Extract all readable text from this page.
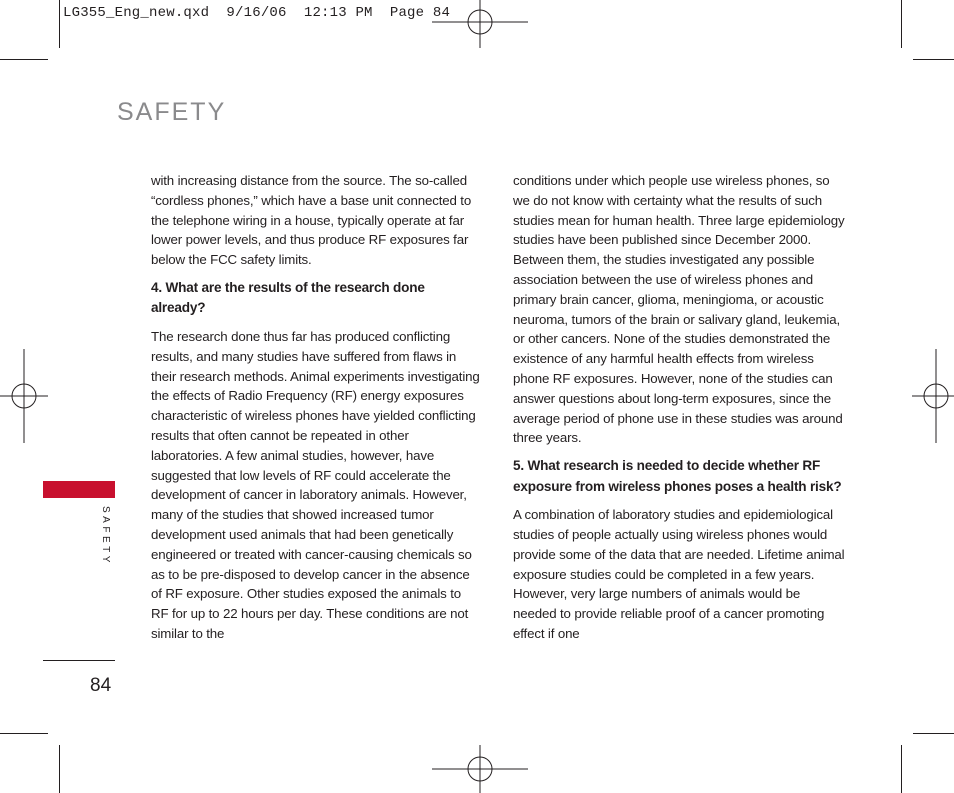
LG355_Eng_new.qxd  9/16/06  12:13 PM  Page 84
SAFETY

with increasing distance from the source. The so-called “cordless phones,” which have a base unit connected to the telephone wiring in a house, typically operate at far lower power levels, and thus produce RF exposures far below the FCC safety limits.

4. What are the results of the research done already?

The research done thus far has produced conflicting results, and many studies have suffered from flaws in their research methods. Animal experiments investigating the effects of Radio Frequency (RF) energy exposures characteristic of wireless phones have yielded conflicting results that often cannot be repeated in other laboratories. A few animal studies, however, have suggested that low levels of RF could accelerate the development of cancer in laboratory animals. However, many of the studies that showed increased tumor development used animals that had been genetically engineered or treated with cancer-causing chemicals so as to be pre-disposed to develop cancer in the absence of RF exposure. Other studies exposed the animals to RF for up to 22 hours per day. These conditions are not similar to the

conditions under which people use wireless phones, so we do not know with certainty what the results of such studies mean for human health. Three large epidemiology studies have been published since December 2000. Between them, the studies investigated any possible association between the use of wireless phones and primary brain cancer, glioma, meningioma, or acoustic neuroma, tumors of the brain or salivary gland, leukemia, or other cancers. None of the studies demonstrated the existence of any harmful health effects from wireless phone RF exposures. However, none of the studies can answer questions about long-term exposures, since the average period of phone use in these studies was around three years.

5. What research is needed to decide whether RF exposure from wireless phones poses a health risk?

A combination of laboratory studies and epidemiological studies of people actually using wireless phones would provide some of the data that are needed. Lifetime animal exposure studies could be completed in a few years. However, very large numbers of animals would be needed to provide reliable proof of a cancer promoting effect if one

SAFETY
84
